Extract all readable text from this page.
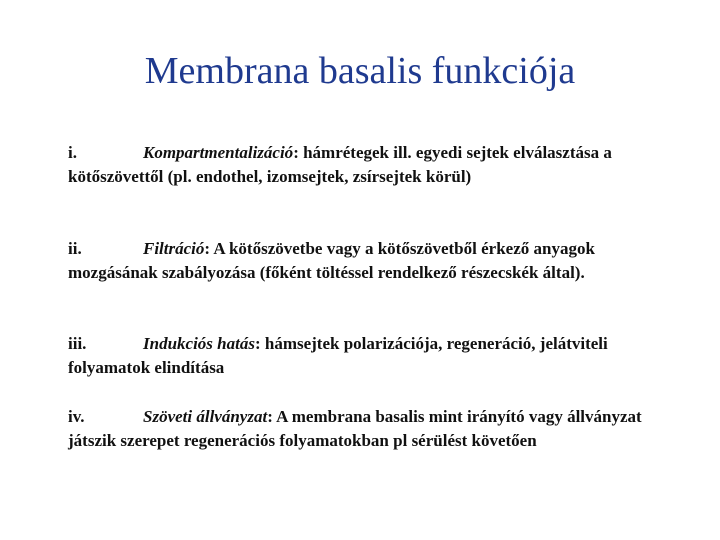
Membrana basalis funkciója
i.	Kompartmentalizáció: hámrétegek ill. egyedi sejtek elválasztása a kötőszövettől (pl. endothel, izomsejtek, zsírsejtek körül)
ii.	Filtráció: A kötőszövetbe vagy a kötőszövetből érkező anyagok mozgásának szabályozása (főként töltéssel rendelkező részecskék által).
iii.	Indukciós hatás: hámsejtek polarizációja, regeneráció, jelátviteli folyamatok elindítása
iv.	Szöveti állványzat: A membrana basalis mint irányító vagy állványzat játszik szerepet regenerációs folyamatokban pl sérülést követően
